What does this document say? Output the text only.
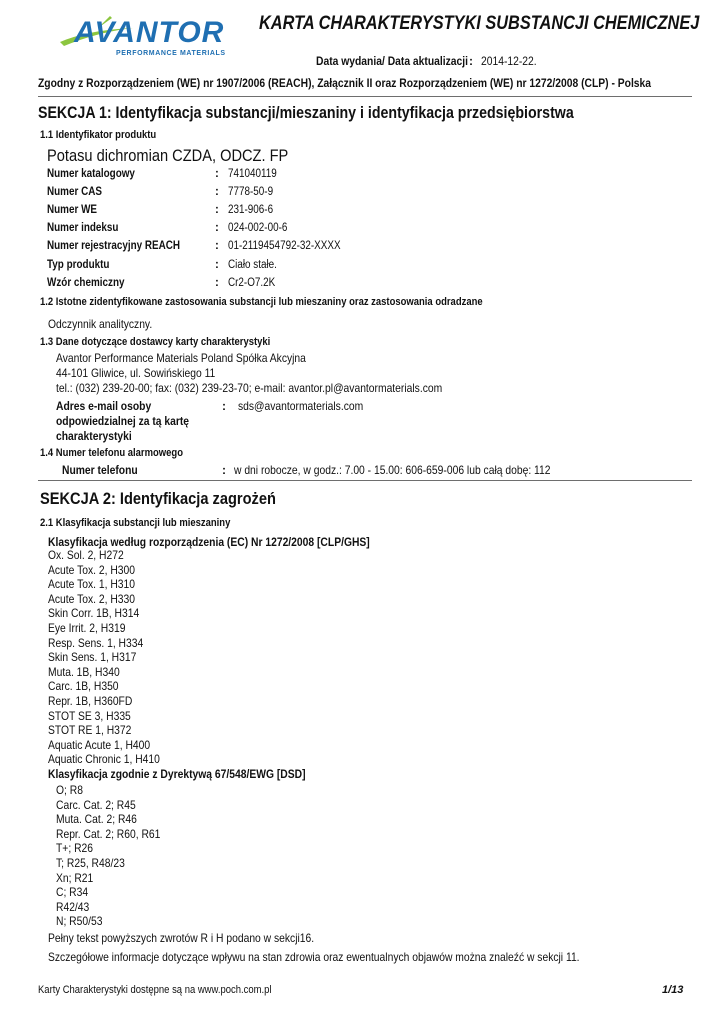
AVANTOR
PERFORMANCE MATERIALS
KARTA CHARAKTERYSTYKI SUBSTANCJI CHEMICZNEJ
Data wydania/ Data aktualizacji : 2014-12-22.
Zgodny z Rozporządzeniem (WE) nr 1907/2006 (REACH), Załącznik II oraz Rozporządzeniem (WE) nr 1272/2008 (CLP) - Polska
SEKCJA 1: Identyfikacja substancji/mieszaniny i identyfikacja przedsiębiorstwa
1.1 Identyfikator produktu
Potasu dichromian CZDA, ODCZ. FP
Numer katalogowy	: 741040119
Numer CAS	: 7778-50-9
Numer WE	: 231-906-6
Numer indeksu	: 024-002-00-6
Numer rejestracyjny REACH	: 01-2119454792-32-XXXX
Typ produktu	: Ciało stałe.
Wzór chemiczny	: Cr2-O7.2K
1.2 Istotne zidentyfikowane zastosowania substancji lub mieszaniny oraz zastosowania odradzane
Odczynnik analityczny.
1.3 Dane dotyczące dostawcy karty charakterystyki
Avantor Performance Materials Poland Spółka Akcyjna
44-101 Gliwice, ul. Sowińskiego 11
tel.: (032) 239-20-00; fax: (032) 239-23-70; e-mail: avantor.pl@avantormaterials.com
Adres e-mail osoby
odpowiedzialnej za tą kartę
charakterystyki
: sds@avantormaterials.com
1.4 Numer telefonu alarmowego
Numer telefonu	: w dni robocze, w godz.: 7.00 - 15.00: 606-659-006 lub całą dobę: 112
SEKCJA 2: Identyfikacja zagrożeń
2.1 Klasyfikacja substancji lub mieszaniny
Klasyfikacja według rozporządzenia (EC) Nr 1272/2008 [CLP/GHS]
Ox. Sol. 2, H272
Acute Tox. 2, H300
Acute Tox. 1, H310
Acute Tox. 2, H330
Skin Corr. 1B, H314
Eye Irrit. 2, H319
Resp. Sens. 1, H334
Skin Sens. 1, H317
Muta. 1B, H340
Carc. 1B, H350
Repr. 1B, H360FD
STOT SE 3, H335
STOT RE 1, H372
Aquatic Acute 1, H400
Aquatic Chronic 1, H410
Klasyfikacja zgodnie z Dyrektywą 67/548/EWG [DSD]
O; R8
Carc. Cat. 2; R45
Muta. Cat. 2; R46
Repr. Cat. 2; R60, R61
T+; R26
T; R25, R48/23
Xn; R21
C; R34
R42/43
N; R50/53
Pełny tekst powyższych zwrotów R i H podano w sekcji16.
Szczegółowe informacje dotyczące wpływu na stan zdrowia oraz ewentualnych objawów można znaleźć w sekcji 11.
Karty Charakterystyki dostępne są na www.poch.com.pl	1/13
